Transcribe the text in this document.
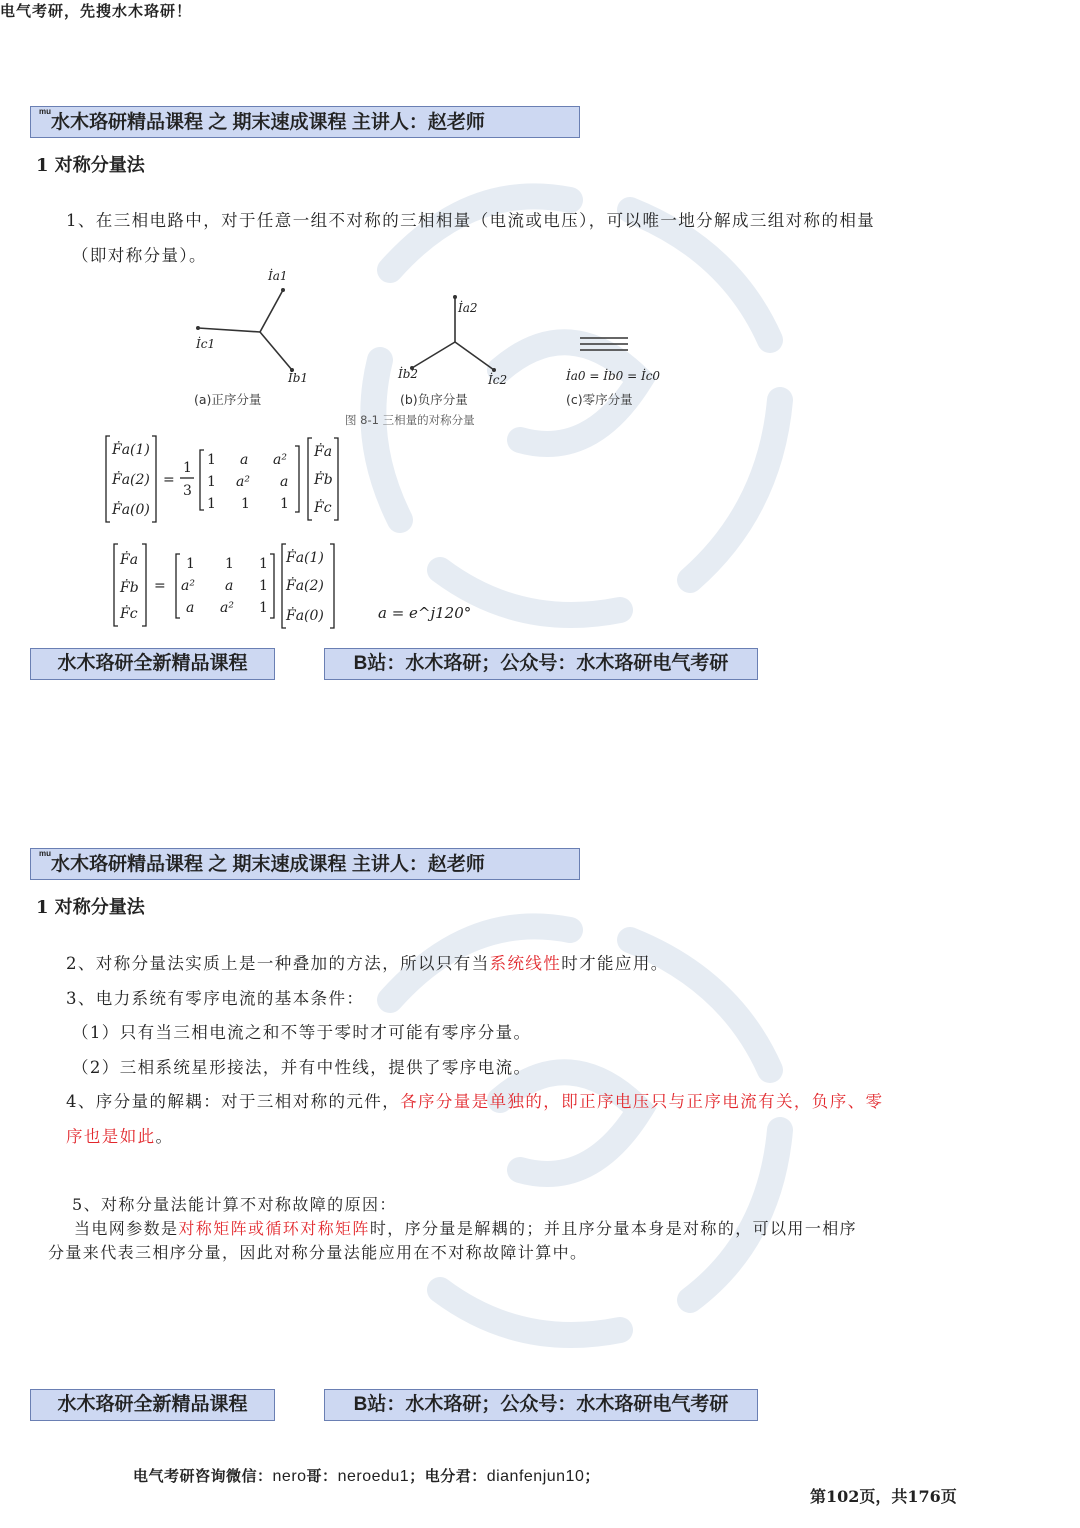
电气考研，先搜水木珞研！
$^{mu}$水木珞研精品课程 之 期末速成课程 主讲人：赵老师
1 对称分量法
1、在三相电路中，对于任意一组不对称的三相相量（电流或电压），可以唯一地分解成三组对称的相量
（即对称分量）。
İa1
İc1
İb1
İa2
İb2	İc2	İa0 = İb0 = İc0
(a)正序分量	(b)负序分量	(c)零序分量
图 8-1 三相量的对称分量
Ḟa(1)
Ḟa(2)
Ḟa(0)
=
1
3
1 a a²
1 a² a
1 1 1
Ḟa
Ḟb
Ḟc
Ḟa
Ḟb
Ḟc
=
1 1 1
a² a 1
a a² 1
Ḟa(1)
Ḟa(2)
Ḟa(0)	a = e^j120°
水木珞研全新精品课程	B站：水木珞研；公众号：水木珞研电气考研
$^{mu}$水木珞研精品课程 之 期末速成课程 主讲人：赵老师
1 对称分量法
2、对称分量法实质上是一种叠加的方法，所以只有当系统线性时才能应用。
3、电力系统有零序电流的基本条件：
（1）只有当三相电流之和不等于零时才可能有零序分量。
（2）三相系统星形接法，并有中性线，提供了零序电流。
4、序分量的解耦：对于三相对称的元件，各序分量是单独的，即正序电压只与正序电流有关，负序、零
序也是如此。
5、对称分量法能计算不对称故障的原因：
当电网参数是对称矩阵或循环对称矩阵时，序分量是解耦的；并且序分量本身是对称的，可以用一相序
分量来代表三相序分量，因此对称分量法能应用在不对称故障计算中。
水木珞研全新精品课程	B站：水木珞研；公众号：水木珞研电气考研
电气考研咨询微信：nero哥：neroedu1；电分君：dianfenjun10；
第102页，共176页
